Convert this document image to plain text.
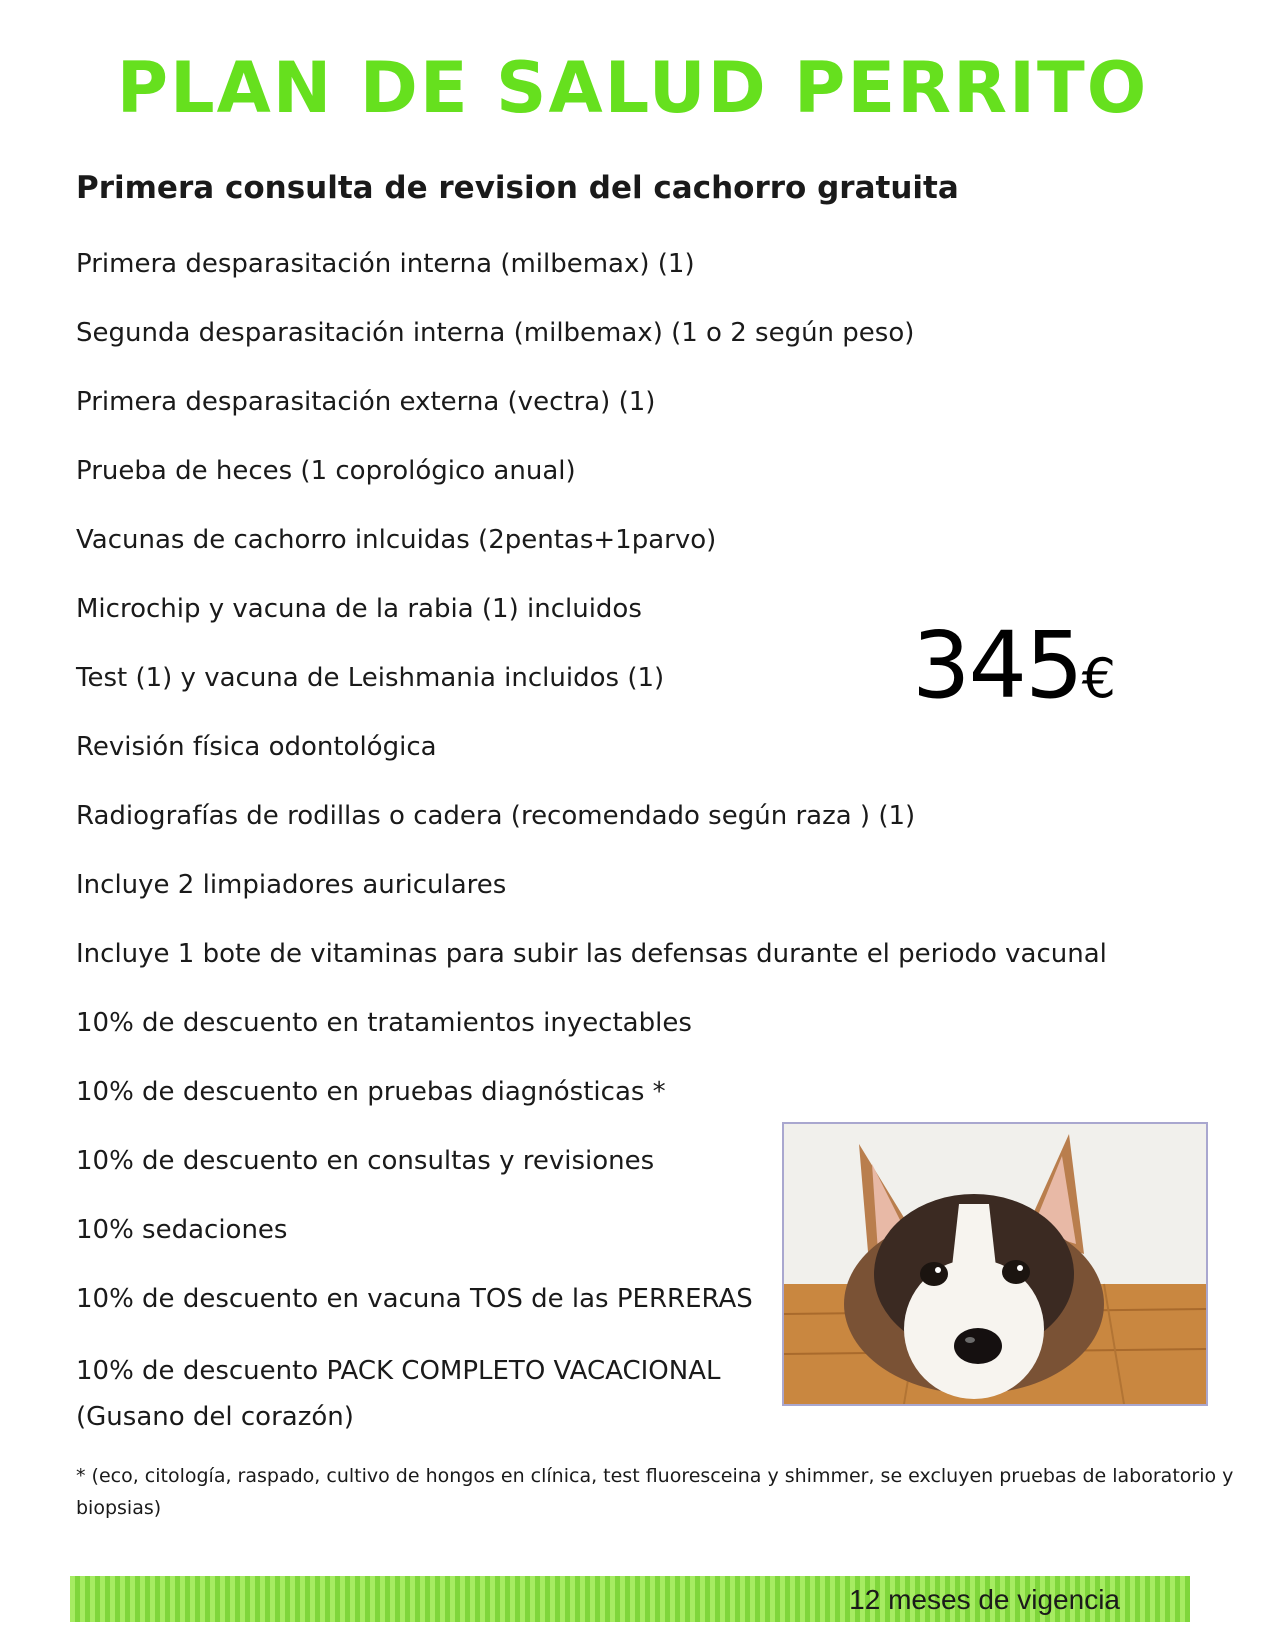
PLAN DE SALUD PERRITO

Primera consulta de revision del cachorro gratuita

Primera desparasitación interna (milbemax) (1)
Segunda desparasitación interna (milbemax) (1 o 2 según peso)
Primera desparasitación externa (vectra) (1)
Prueba de heces (1 coprológico anual)
Vacunas de cachorro inlcuidas (2pentas+1parvo)
Microchip y vacuna de la rabia (1) incluidos
Test (1) y vacuna de Leishmania incluidos (1)
Revisión física odontológica
Radiografías de rodillas o cadera (recomendado según raza ) (1)
Incluye 2 limpiadores auriculares
Incluye 1 bote de vitaminas para subir las defensas durante el periodo vacunal
10% de descuento en tratamientos inyectables
10% de descuento en pruebas diagnósticas *
10% de descuento en consultas y revisiones
10% sedaciones
10% de descuento en vacuna TOS de las PERRERAS
10% de descuento PACK COMPLETO VACACIONAL (Gusano del corazón)
345€

* (eco, citología, raspado, cultivo de hongos en clínica, test fluoresceina y shimmer, se excluyen pruebas de laboratorio y biopsias)

12 meses de vigencia
